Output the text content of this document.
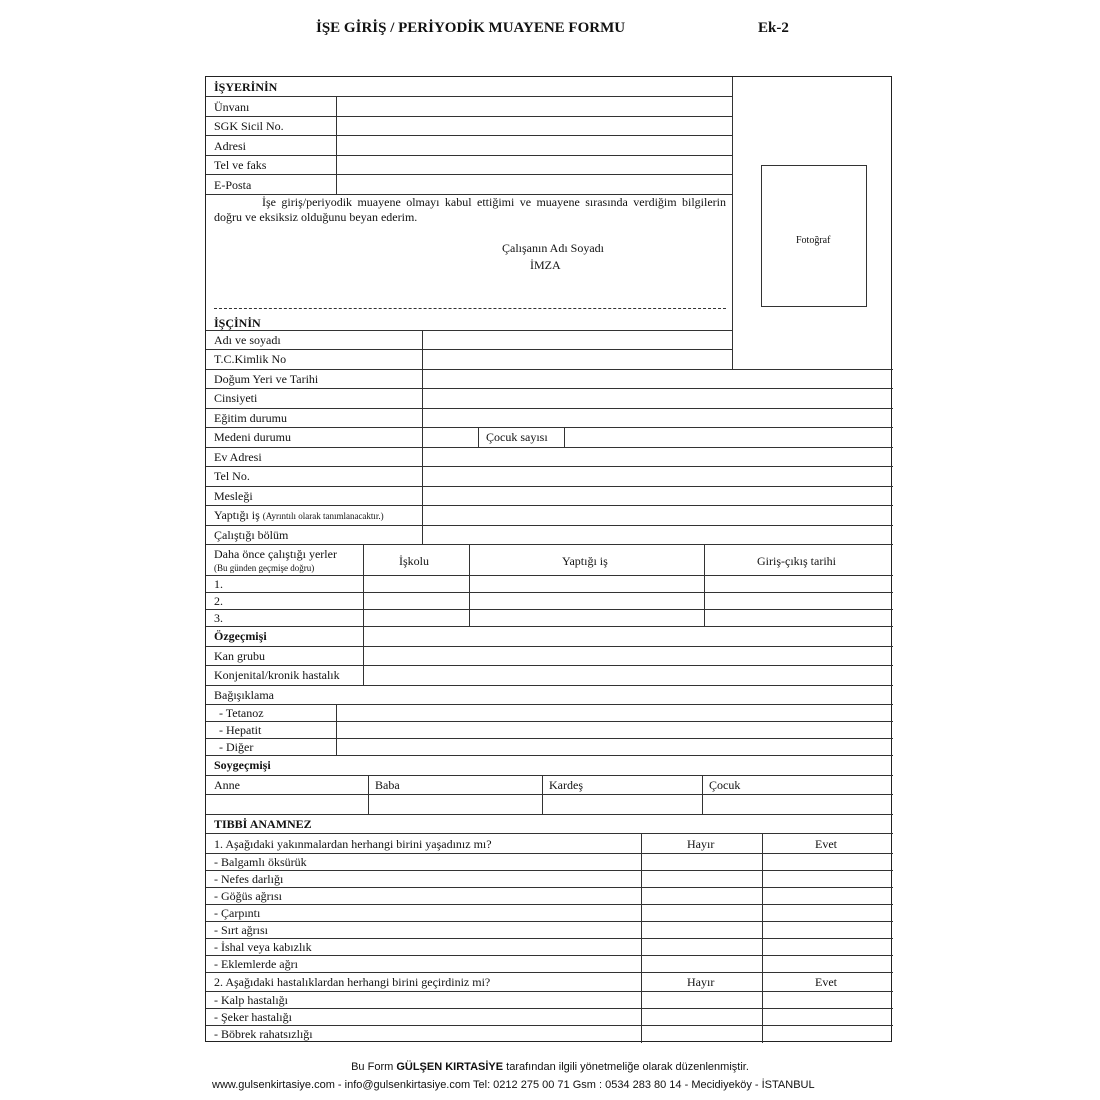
İŞE GİRİŞ / PERİYODİK MUAYENE FORMU	Ek-2
İŞYERİNİN
Ünvanı
SGK Sicil No.
Adresi
Tel ve faks
E-Posta
İşe giriş/periyodik muayene olmayı kabul ettiğimi ve muayene sırasında verdiğim bilgilerin doğru ve eksiksiz olduğunu beyan ederim.
Çalışanın Adı Soyadı
İMZA
Fotoğraf
İŞÇİNİN
Adı ve soyadı
T.C.Kimlik No
Doğum Yeri ve Tarihi
Cinsiyeti
Eğitim durumu
Medeni durumu	Çocuk sayısı
Ev Adresi
Tel No.
Mesleği
Yaptığı iş (Ayrıntılı olarak tanımlanacaktır.)
Çalıştığı bölüm
Daha önce çalıştığı yerler
(Bu günden geçmişe doğru)	İşkolu	Yaptığı iş	Giriş-çıkış tarihi
1.
2.
3.
Özgeçmişi
Kan grubu
Konjenital/kronik hastalık
Bağışıklama
- Tetanoz
- Hepatit
- Diğer
Soygeçmişi
Anne	Baba	Kardeş	Çocuk
TIBBİ ANAMNEZ
1. Aşağıdaki yakınmalardan herhangi birini yaşadınız mı?	Hayır	Evet
- Balgamlı öksürük
- Nefes darlığı
- Göğüs ağrısı
- Çarpıntı
- Sırt ağrısı
- İshal veya kabızlık
- Eklemlerde ağrı
2. Aşağıdaki hastalıklardan herhangi birini geçirdiniz mi?	Hayır	Evet
- Kalp hastalığı
- Şeker hastalığı
- Böbrek rahatsızlığı
Bu Form GÜLŞEN KIRTASİYE tarafından ilgili yönetmeliğe olarak düzenlenmiştir.
www.gulsenkirtasiye.com - info@gulsenkirtasiye.com Tel: 0212 275 00 71 Gsm : 0534 283 80 14 - Mecidiyeköy - İSTANBUL
